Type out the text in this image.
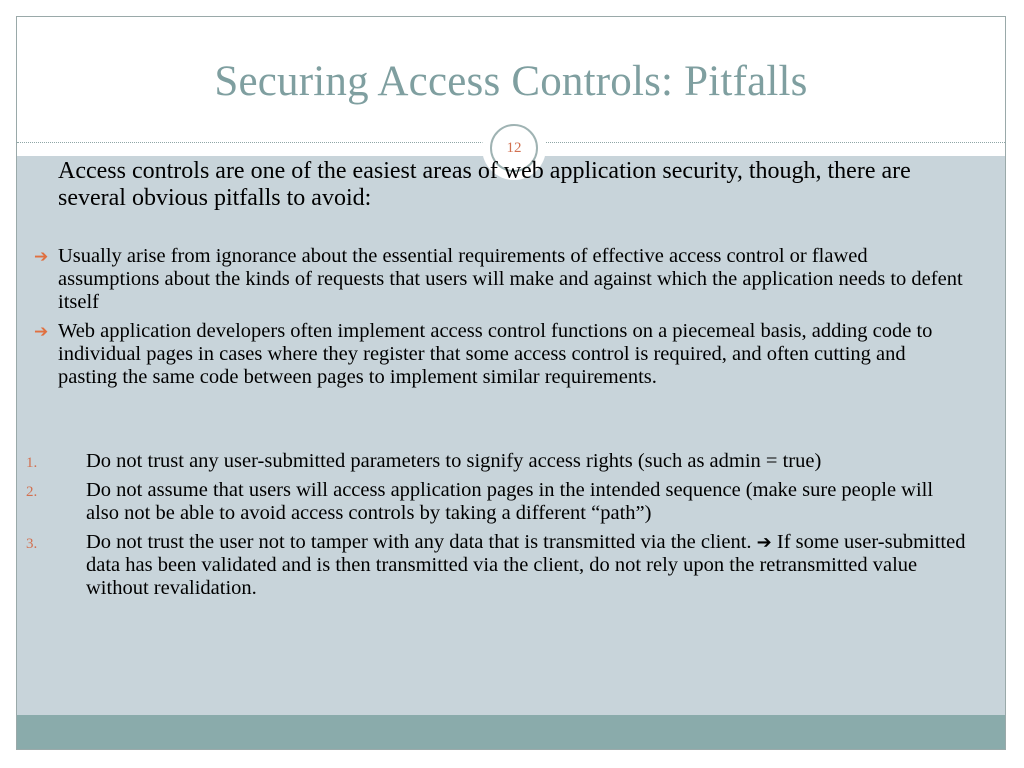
Securing Access Controls: Pitfalls
12
Access controls are one of the easiest areas of web application security, though, there are several obvious pitfalls to avoid:
➔ Usually arise from ignorance about the essential requirements of effective access control or flawed assumptions about the kinds of requests that users will make and against which the application needs to defent itself
➔ Web application developers often implement access control functions on a piecemeal basis, adding code to individual pages in cases where they register that some access control is required, and often cutting and pasting the same code between pages to implement similar requirements.
1. Do not trust any user-submitted parameters to signify access rights (such as admin = true)
2. Do not assume that users will access application pages in the intended sequence (make sure people will also not be able to avoid access controls by taking a different “path”)
3. Do not trust the user not to tamper with any data that is transmitted via the client. ➔ If some user-submitted data has been validated and is then transmitted via the client, do not rely upon the retransmitted value without revalidation.
